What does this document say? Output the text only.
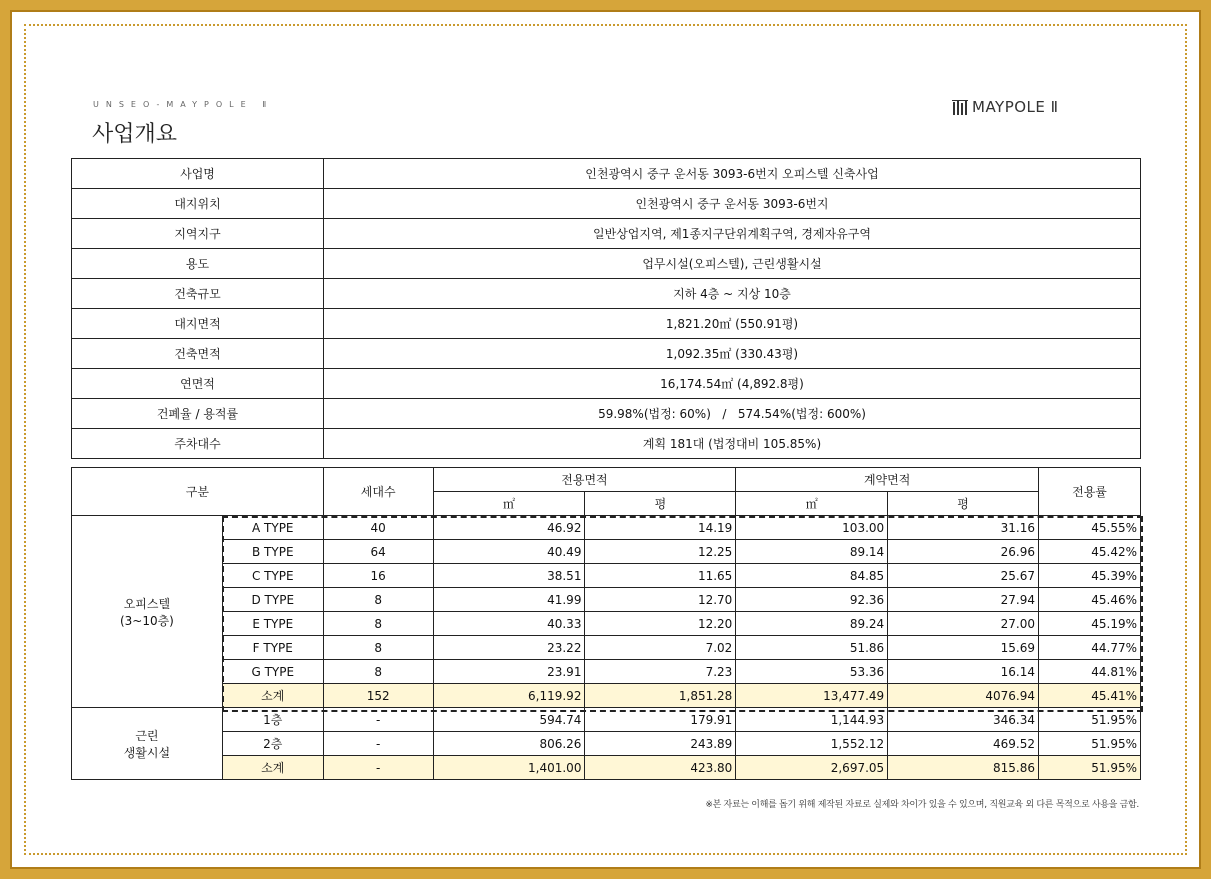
UNSEO-MAYPOLE Ⅱ
사업개요
MAYPOLE Ⅱ
사업명	인천광역시 중구 운서동 3093-6번지 오피스텔 신축사업
대지위치	인천광역시 중구 운서동 3093-6번지
지역지구	일반상업지역, 제1종지구단위계획구역, 경제자유구역
용도	업무시설(오피스텔), 근린생활시설
건축규모	지하 4층 ~ 지상 10층
대지면적	1,821.20㎡ (550.91평)
건축면적	1,092.35㎡ (330.43평)
연면적	16,174.54㎡ (4,892.8평)
건폐율 / 용적률	59.98%(법정: 60%)   /   574.54%(법정: 600%)
주차대수	계획 181대 (법정대비 105.85%)
구분		세대수	전용면적		계약면적		전용률
			㎡	평	㎡	평	
오피스텔
(3~10층)	A TYPE	40	46.92	14.19	103.00	31.16	45.55%
	B TYPE	64	40.49	12.25	89.14	26.96	45.42%
	C TYPE	16	38.51	11.65	84.85	25.67	45.39%
	D TYPE	8	41.99	12.70	92.36	27.94	45.46%
	E TYPE	8	40.33	12.20	89.24	27.00	45.19%
	F TYPE	8	23.22	7.02	51.86	15.69	44.77%
	G TYPE	8	23.91	7.23	53.36	16.14	44.81%
	소계	152	6,119.92	1,851.28	13,477.49	4076.94	45.41%
근린
생활시설	1층	-	594.74	179.91	1,144.93	346.34	51.95%
	2층	-	806.26	243.89	1,552.12	469.52	51.95%
	소계	-	1,401.00	423.80	2,697.05	815.86	51.95%
※본 자료는 이해를 돕기 위해 제작된 자료로 실제와 차이가 있을 수 있으며, 직원교육 외 다른 목적으로 사용을 금함.
